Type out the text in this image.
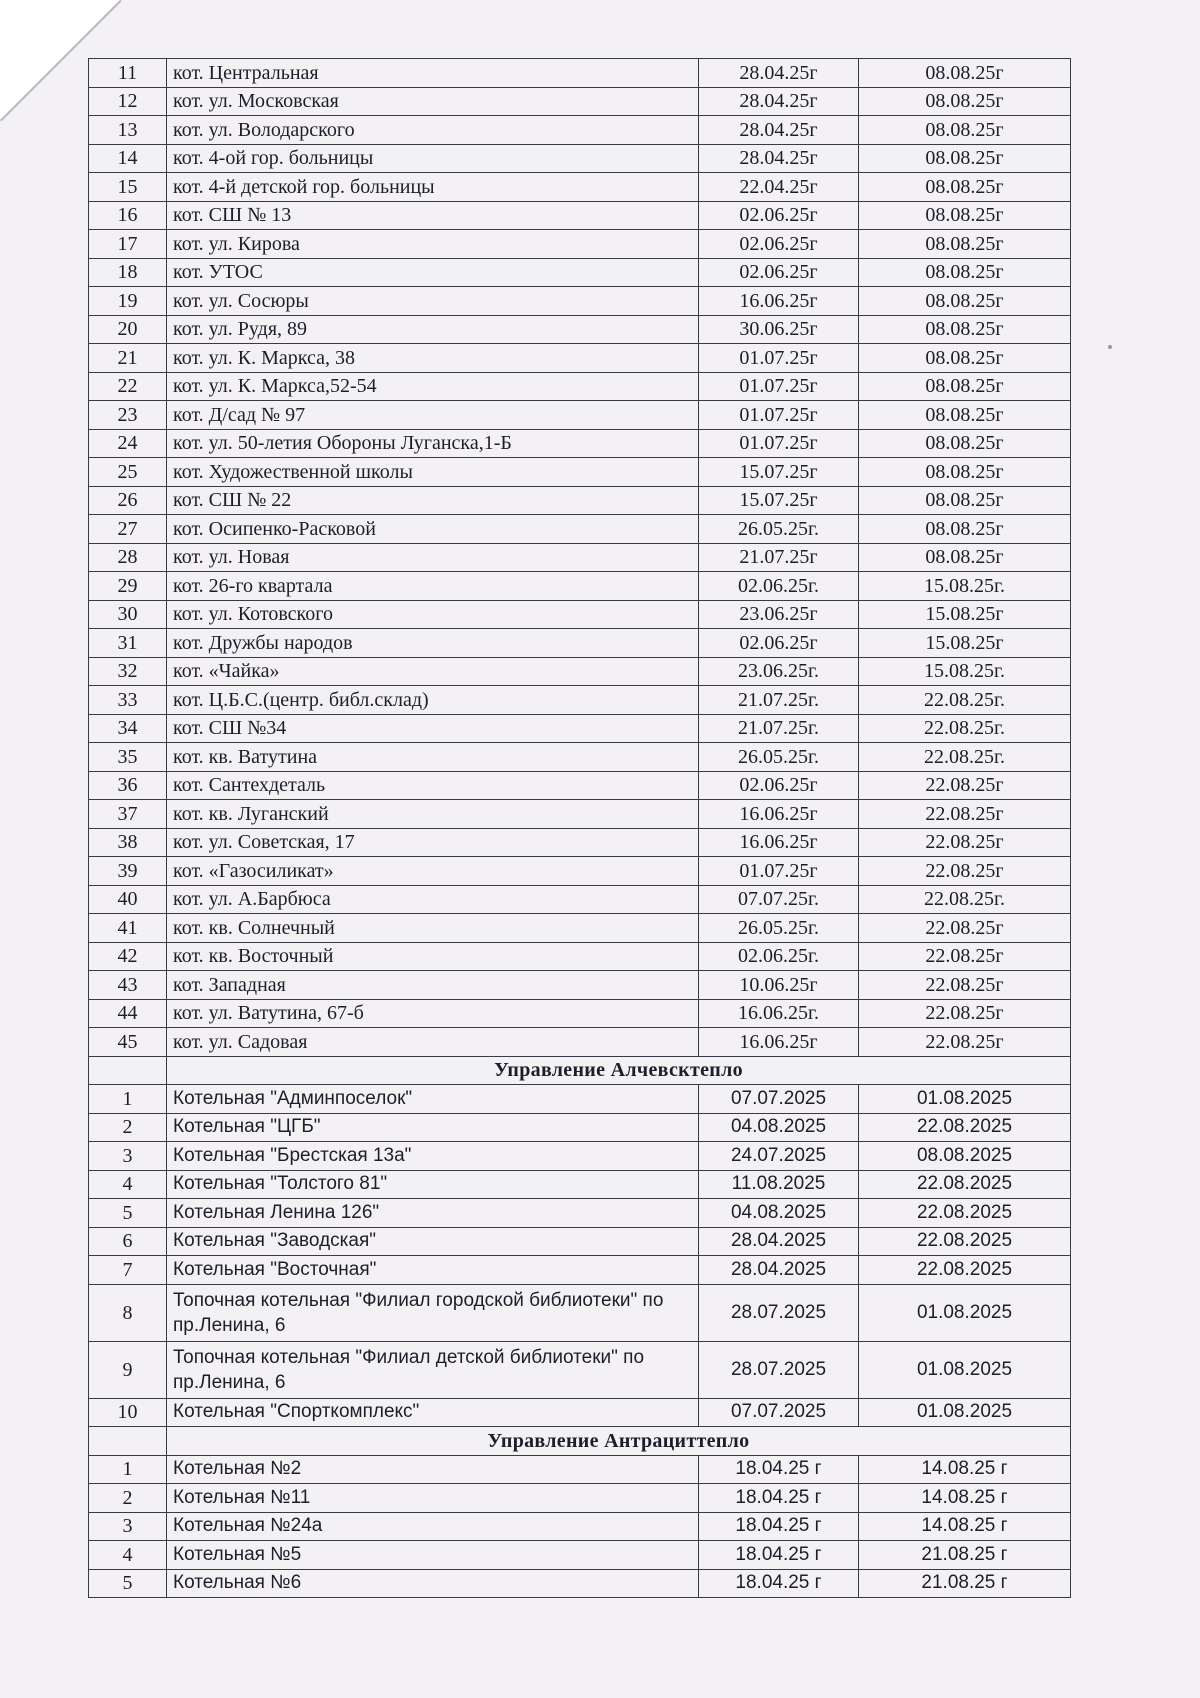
11	кот. Центральная	28.04.25г	08.08.25г
12	кот. ул. Московская	28.04.25г	08.08.25г
13	кот. ул. Володарского	28.04.25г	08.08.25г
14	кот. 4-ой гор. больницы	28.04.25г	08.08.25г
15	кот. 4-й детской гор. больницы	22.04.25г	08.08.25г
16	кот. СШ № 13	02.06.25г	08.08.25г
17	кот. ул. Кирова	02.06.25г	08.08.25г
18	кот. УТОС	02.06.25г	08.08.25г
19	кот. ул. Сосюры	16.06.25г	08.08.25г
20	кот. ул. Рудя, 89	30.06.25г	08.08.25г
21	кот. ул. К. Маркса, 38	01.07.25г	08.08.25г
22	кот. ул. К. Маркса,52-54	01.07.25г	08.08.25г
23	кот. Д/сад № 97	01.07.25г	08.08.25г
24	кот. ул. 50-летия Обороны Луганска,1-Б	01.07.25г	08.08.25г
25	кот. Художественной школы	15.07.25г	08.08.25г
26	кот. СШ № 22	15.07.25г	08.08.25г
27	кот. Осипенко-Расковой	26.05.25г.	08.08.25г
28	кот. ул. Новая	21.07.25г	08.08.25г
29	кот. 26-го квартала	02.06.25г.	15.08.25г.
30	кот. ул. Котовского	23.06.25г	15.08.25г
31	кот. Дружбы народов	02.06.25г	15.08.25г
32	кот. «Чайка»	23.06.25г.	15.08.25г.
33	кот. Ц.Б.С.(центр. библ.склад)	21.07.25г.	22.08.25г.
34	кот. СШ №34	21.07.25г.	22.08.25г.
35	кот. кв. Ватутина	26.05.25г.	22.08.25г.
36	кот. Сантехдеталь	02.06.25г	22.08.25г
37	кот. кв. Луганский	16.06.25г	22.08.25г
38	кот. ул. Советская, 17	16.06.25г	22.08.25г
39	кот. «Газосиликат»	01.07.25г	22.08.25г
40	кот. ул. А.Барбюса	07.07.25г.	22.08.25г.
41	кот. кв. Солнечный	26.05.25г.	22.08.25г
42	кот. кв. Восточный	02.06.25г.	22.08.25г
43	кот. Западная	10.06.25г	22.08.25г
44	кот. ул. Ватутина, 67-б	16.06.25г.	22.08.25г
45	кот. ул. Садовая	16.06.25г	22.08.25г
	Управление Алчевсктепло		
1	Котельная "Админпоселок"	07.07.2025	01.08.2025
2	Котельная "ЦГБ"	04.08.2025	22.08.2025
3	Котельная "Брестская 13а"	24.07.2025	08.08.2025
4	Котельная "Толстого 81"	11.08.2025	22.08.2025
5	Котельная Ленина 126"	04.08.2025	22.08.2025
6	Котельная "Заводская"	28.04.2025	22.08.2025
7	Котельная "Восточная"	28.04.2025	22.08.2025
8	Топочная котельная "Филиал городской библиотеки" по пр.Ленина, 6	28.07.2025	01.08.2025
9	Топочная котельная "Филиал детской библиотеки" по пр.Ленина, 6	28.07.2025	01.08.2025
10	Котельная "Спорткомплекс"	07.07.2025	01.08.2025
	Управление Антрациттепло		
1	Котельная №2	18.04.25 г	14.08.25 г
2	Котельная №11	18.04.25 г	14.08.25 г
3	Котельная №24а	18.04.25 г	14.08.25 г
4	Котельная №5	18.04.25 г	21.08.25 г
5	Котельная №6	18.04.25 г	21.08.25 г
